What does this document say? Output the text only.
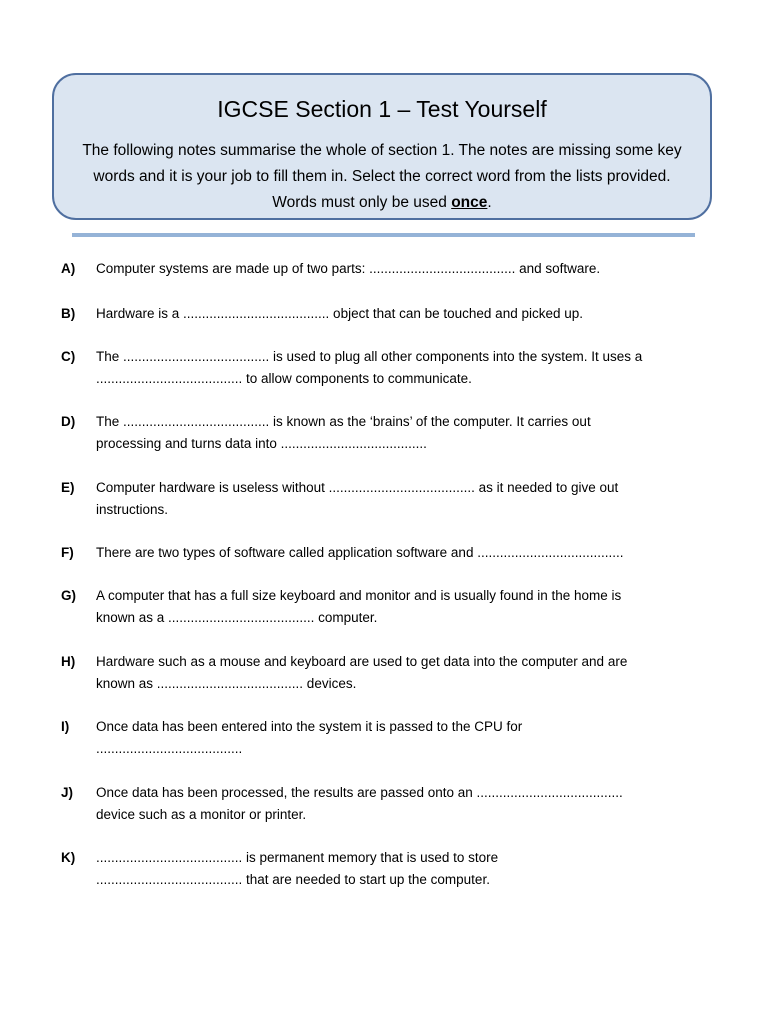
IGCSE Section 1 – Test Yourself
The following notes summarise the whole of section 1. The notes are missing some key words and it is your job to fill them in. Select the correct word from the lists provided. Words must only be used once.
A) Computer systems are made up of two parts: ....................................... and software.
B) Hardware is a ....................................... object that can be touched and picked up.
C) The ....................................... is used to plug all other components into the system. It uses a
....................................... to allow components to communicate.
D) The ....................................... is known as the ‘brains’ of the computer. It carries out
processing and turns data into .......................................
E) Computer hardware is useless without ....................................... as it needed to give out
instructions.
F) There are two types of software called application software and .......................................
G) A computer that has a full size keyboard and monitor and is usually found in the home is
known as a ....................................... computer.
H) Hardware such as a mouse and keyboard are used to get data into the computer and are
known as ....................................... devices.
I) Once data has been entered into the system it is passed to the CPU for
.......................................
J) Once data has been processed, the results are passed onto an .......................................
device such as a monitor or printer.
K) ....................................... is permanent memory that is used to store
....................................... that are needed to start up the computer.
